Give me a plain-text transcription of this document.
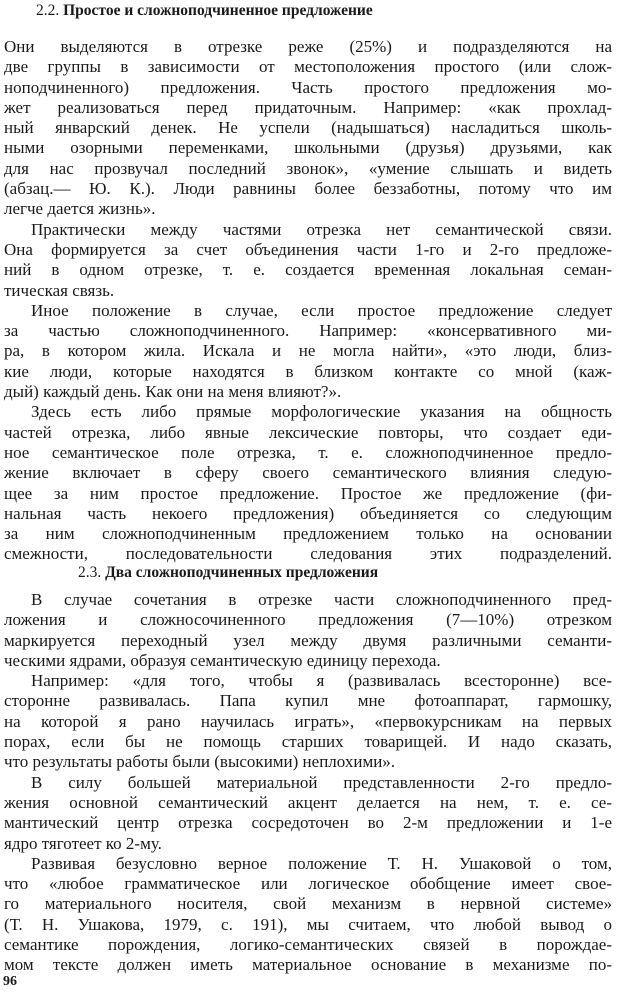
2.2. Простое и сложноподчиненное предложение
Они выделяются в отрезке реже (25%) и подразделяются на
две группы в зависимости от местоположения простого (или слож-
ноподчиненного) предложения. Часть простого предложения мо-
жет реализоваться перед придаточным. Например: «как прохлад-
ный январский денек. Не успели (надышаться) насладиться школь-
ными озорными переменками, школьными (друзья) друзьями, как
для нас прозвучал последний звонок», «умение слышать и видеть
(абзац.— Ю. К.). Люди равнины более беззаботны, потому что им
легче дается жизнь».
Практически между частями отрезка нет семантической связи.
Она формируется за счет объединения части 1-го и 2-го предложе-
ний в одном отрезке, т. е. создается временная локальная семан-
тическая связь.
Иное положение в случае, если простое предложение следует
за частью сложноподчиненного. Например: «консервативного ми-
ра, в котором жила. Искала и не могла найти», «это люди, близ-
кие люди, которые находятся в близком контакте со мной (каж-
дый) каждый день. Как они на меня влияют?».
Здесь есть либо прямые морфологические указания на общность
частей отрезка, либо явные лексические повторы, что создает еди-
ное семантическое поле отрезка, т. е. сложноподчиненное предло-
жение включает в сферу своего семантического влияния следую-
щее за ним простое предложение. Простое же предложение (фи-
нальная часть некоего предложения) объединяется со следующим
за ним сложноподчиненным предложением только на основании
смежности, последовательности следования этих подразделений.
2.3. Два сложноподчиненных предложения
В случае сочетания в отрезке части сложноподчиненного пред-
ложения и сложносочиненного предложения (7—10%) отрезком
маркируется переходный узел между двумя различными семанти-
ческими ядрами, образуя семантическую единицу перехода.
Например: «для того, чтобы я (развивалась всесторонне) все-
сторонне развивалась. Папа купил мне фотоаппарат, гармошку,
на которой я рано научилась играть», «первокурсникам на первых
порах, если бы не помощь старших товарищей. И надо сказать,
что результаты работы были (высокими) неплохими».
В силу большей материальной представленности 2-го предло-
жения основной семантический акцент делается на нем, т. е. се-
мантический центр отрезка сосредоточен во 2-м предложении и 1-е
ядро тяготеет ко 2-му.
Развивая безусловно верное положение Т. Н. Ушаковой о том,
что «любое грамматическое или логическое обобщение имеет свое-
го материального носителя, свой механизм в нервной системе»
(Т. Н. Ушакова, 1979, с. 191), мы считаем, что любой вывод о
семантике порождения, логико-семантических связей в порождае-
мом тексте должен иметь материальное основание в механизме по-
96
